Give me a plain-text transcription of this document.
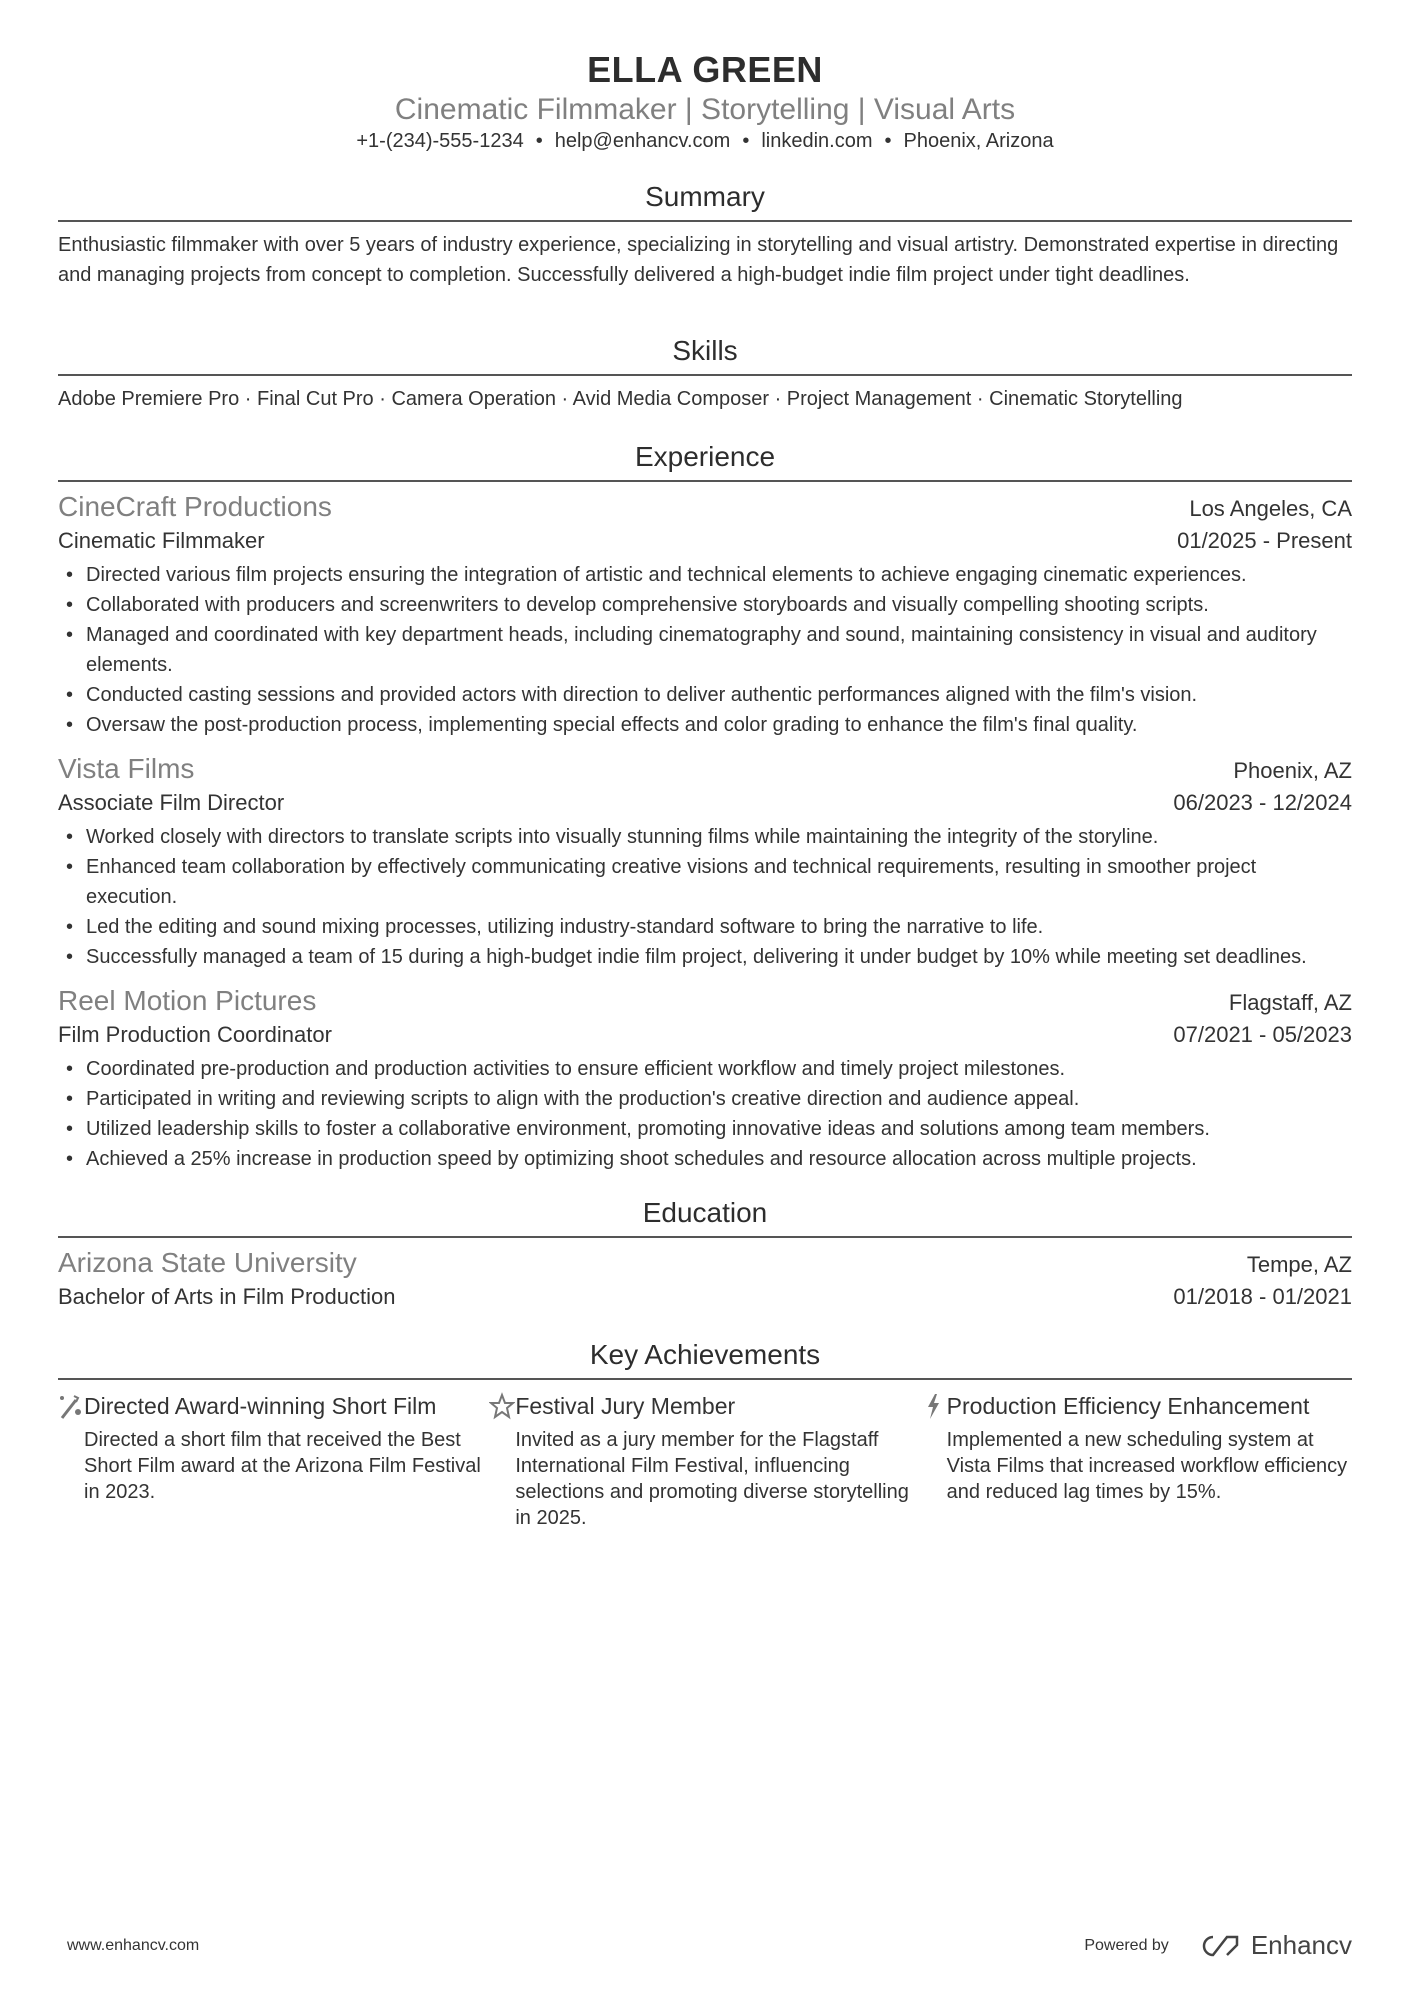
ELLA GREEN
Cinematic Filmmaker | Storytelling | Visual Arts
+1-(234)-555-1234 • help@enhancv.com • linkedin.com • Phoenix, Arizona
Summary
Enthusiastic filmmaker with over 5 years of industry experience, specializing in storytelling and visual artistry. Demonstrated expertise in directing and managing projects from concept to completion. Successfully delivered a high-budget indie film project under tight deadlines.
Skills
Adobe Premiere Pro · Final Cut Pro · Camera Operation · Avid Media Composer · Project Management · Cinematic Storytelling
Experience
CineCraft Productions	Los Angeles, CA
Cinematic Filmmaker	01/2025 - Present
• Directed various film projects ensuring the integration of artistic and technical elements to achieve engaging cinematic experiences.
• Collaborated with producers and screenwriters to develop comprehensive storyboards and visually compelling shooting scripts.
• Managed and coordinated with key department heads, including cinematography and sound, maintaining consistency in visual and auditory elements.
• Conducted casting sessions and provided actors with direction to deliver authentic performances aligned with the film's vision.
• Oversaw the post-production process, implementing special effects and color grading to enhance the film's final quality.
Vista Films	Phoenix, AZ
Associate Film Director	06/2023 - 12/2024
• Worked closely with directors to translate scripts into visually stunning films while maintaining the integrity of the storyline.
• Enhanced team collaboration by effectively communicating creative visions and technical requirements, resulting in smoother project execution.
• Led the editing and sound mixing processes, utilizing industry-standard software to bring the narrative to life.
• Successfully managed a team of 15 during a high-budget indie film project, delivering it under budget by 10% while meeting set deadlines.
Reel Motion Pictures	Flagstaff, AZ
Film Production Coordinator	07/2021 - 05/2023
• Coordinated pre-production and production activities to ensure efficient workflow and timely project milestones.
• Participated in writing and reviewing scripts to align with the production's creative direction and audience appeal.
• Utilized leadership skills to foster a collaborative environment, promoting innovative ideas and solutions among team members.
• Achieved a 25% increase in production speed by optimizing shoot schedules and resource allocation across multiple projects.
Education
Arizona State University	Tempe, AZ
Bachelor of Arts in Film Production	01/2018 - 01/2021
Key Achievements
Directed Award-winning Short Film
Directed a short film that received the Best Short Film award at the Arizona Film Festival in 2023.
Festival Jury Member
Invited as a jury member for the Flagstaff International Film Festival, influencing selections and promoting diverse storytelling in 2025.
Production Efficiency Enhancement
Implemented a new scheduling system at Vista Films that increased workflow efficiency and reduced lag times by 15%.
www.enhancv.com	Powered by	Enhancv
